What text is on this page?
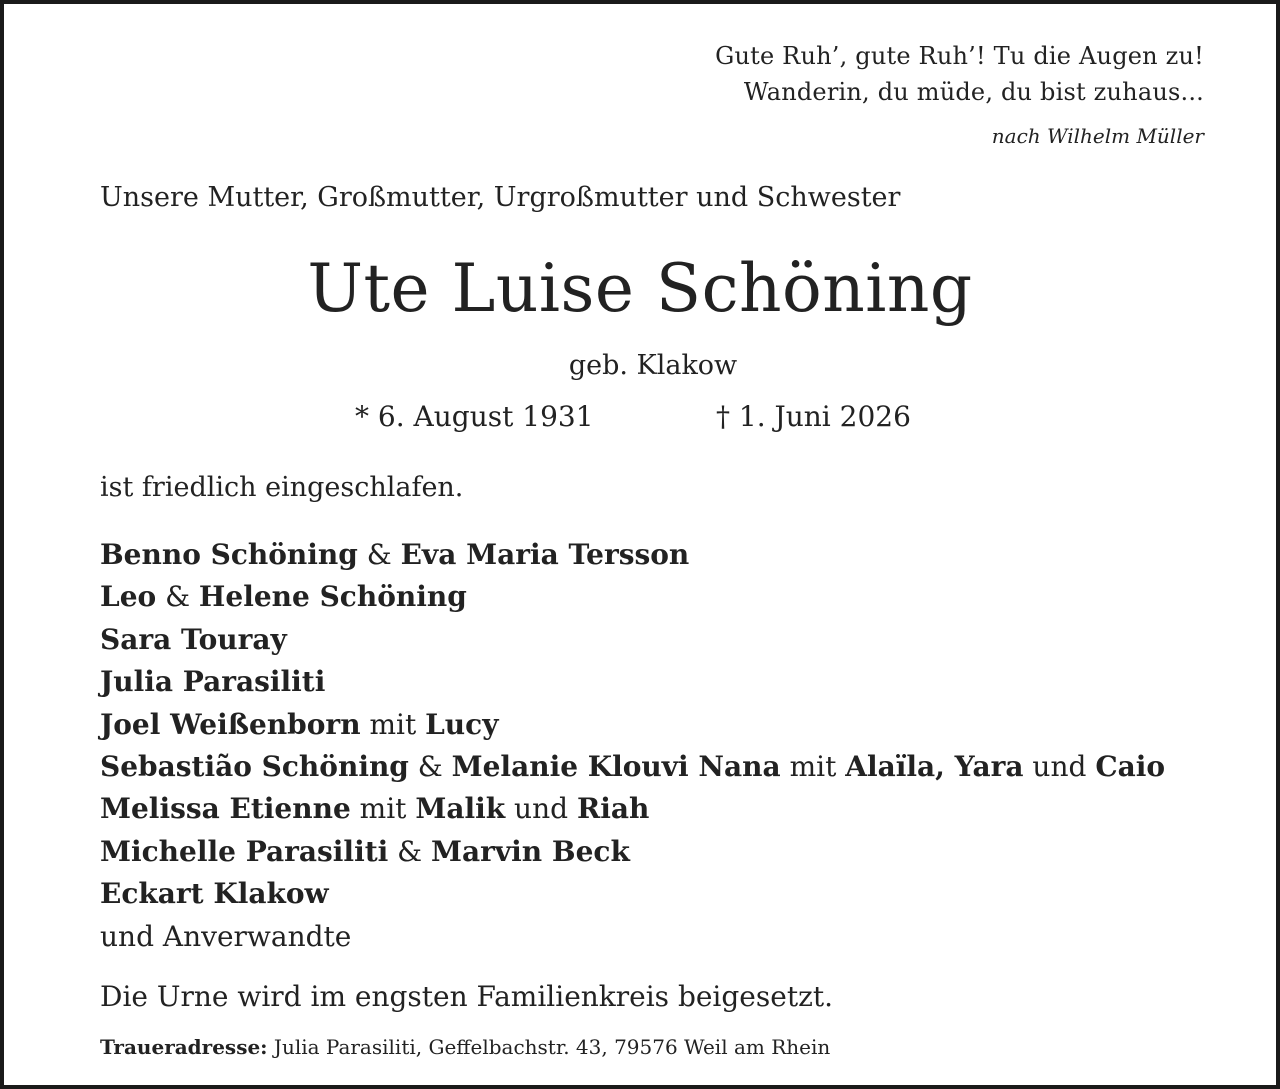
Gute Ruh’, gute Ruh’! Tu die Augen zu!
Wanderin, du müde, du bist zuhaus...
nach Wilhelm Müller
Unsere Mutter, Großmutter, Urgroßmutter und Schwester
Ute Luise Schöning
geb. Klakow
* 6. August 1931	† 1. Juni 2026
ist friedlich eingeschlafen.
Benno Schöning & Eva Maria Tersson
Leo & Helene Schöning
Sara Touray
Julia Parasiliti
Joel Weißenborn mit Lucy
Sebastião Schöning & Melanie Klouvi Nana mit Alaïla, Yara und Caio
Melissa Etienne mit Malik und Riah
Michelle Parasiliti & Marvin Beck
Eckart Klakow
und Anverwandte
Die Urne wird im engsten Familienkreis beigesetzt.
Traueradresse: Julia Parasiliti, Geffelbachstr. 43, 79576 Weil am Rhein
